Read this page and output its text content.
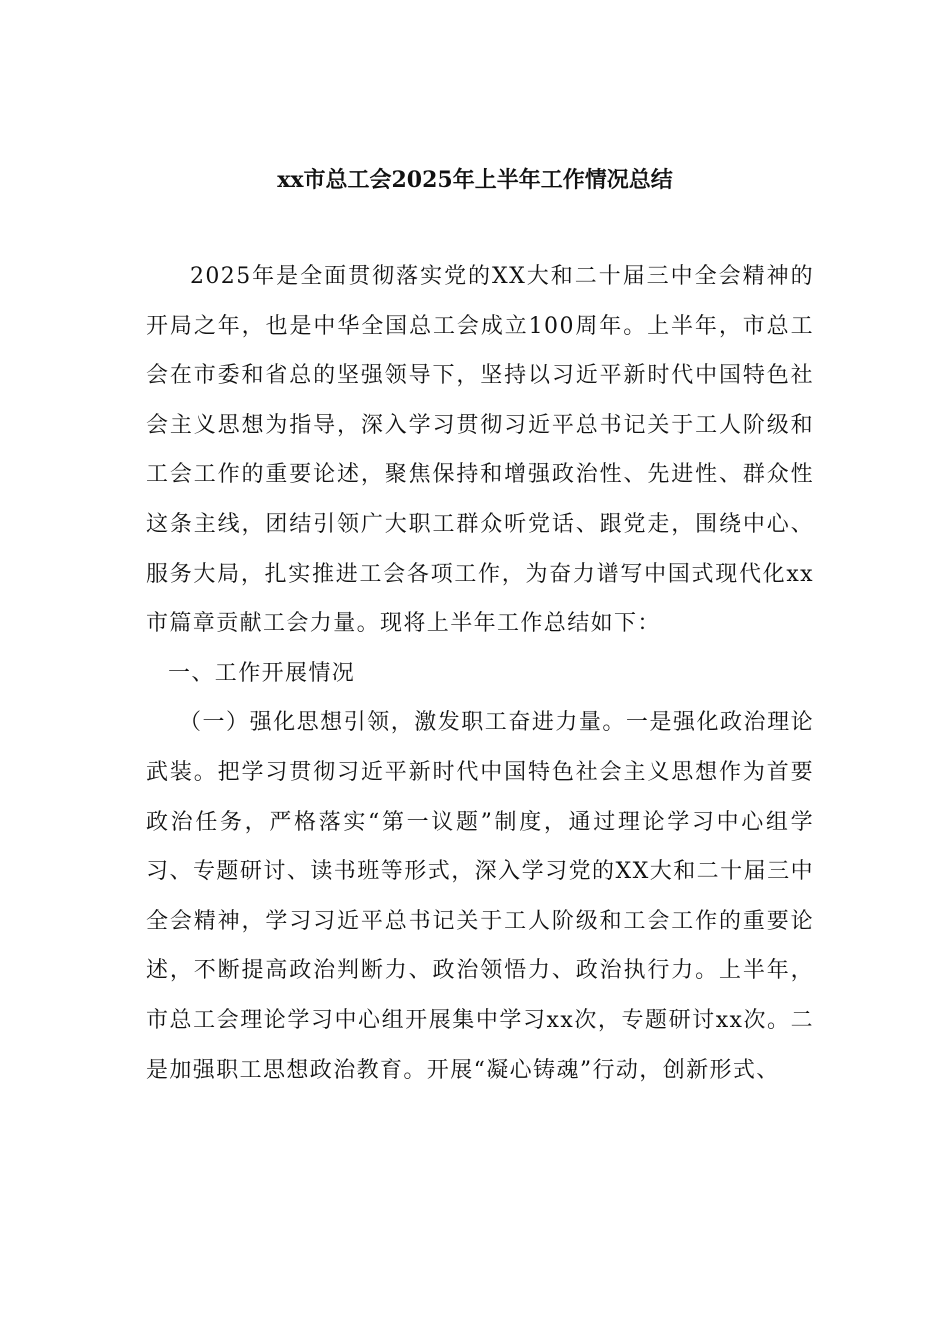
xx市总工会2025年上半年工作情况总结

2025年是全面贯彻落实党的XX大和二十届三中全会精神的开局之年，也是中华全国总工会成立100周年。上半年，市总工会在市委和省总的坚强领导下，坚持以习近平新时代中国特色社会主义思想为指导，深入学习贯彻习近平总书记关于工人阶级和工会工作的重要论述，聚焦保持和增强政治性、先进性、群众性这条主线，团结引领广大职工群众听党话、跟党走，围绕中心、服务大局，扎实推进工会各项工作，为奋力谱写中国式现代化xx市篇章贡献工会力量。现将上半年工作总结如下：

一、工作开展情况

（一）强化思想引领，激发职工奋进力量。一是强化政治理论武装。把学习贯彻习近平新时代中国特色社会主义思想作为首要政治任务，严格落实“第一议题”制度，通过理论学习中心组学习、专题研讨、读书班等形式，深入学习党的XX大和二十届三中全会精神，学习习近平总书记关于工人阶级和工会工作的重要论述，不断提高政治判断力、政治领悟力、政治执行力。上半年，市总工会理论学习中心组开展集中学习xx次，专题研讨xx次。二是加强职工思想政治教育。开展“凝心铸魂”行动，创新形式、
